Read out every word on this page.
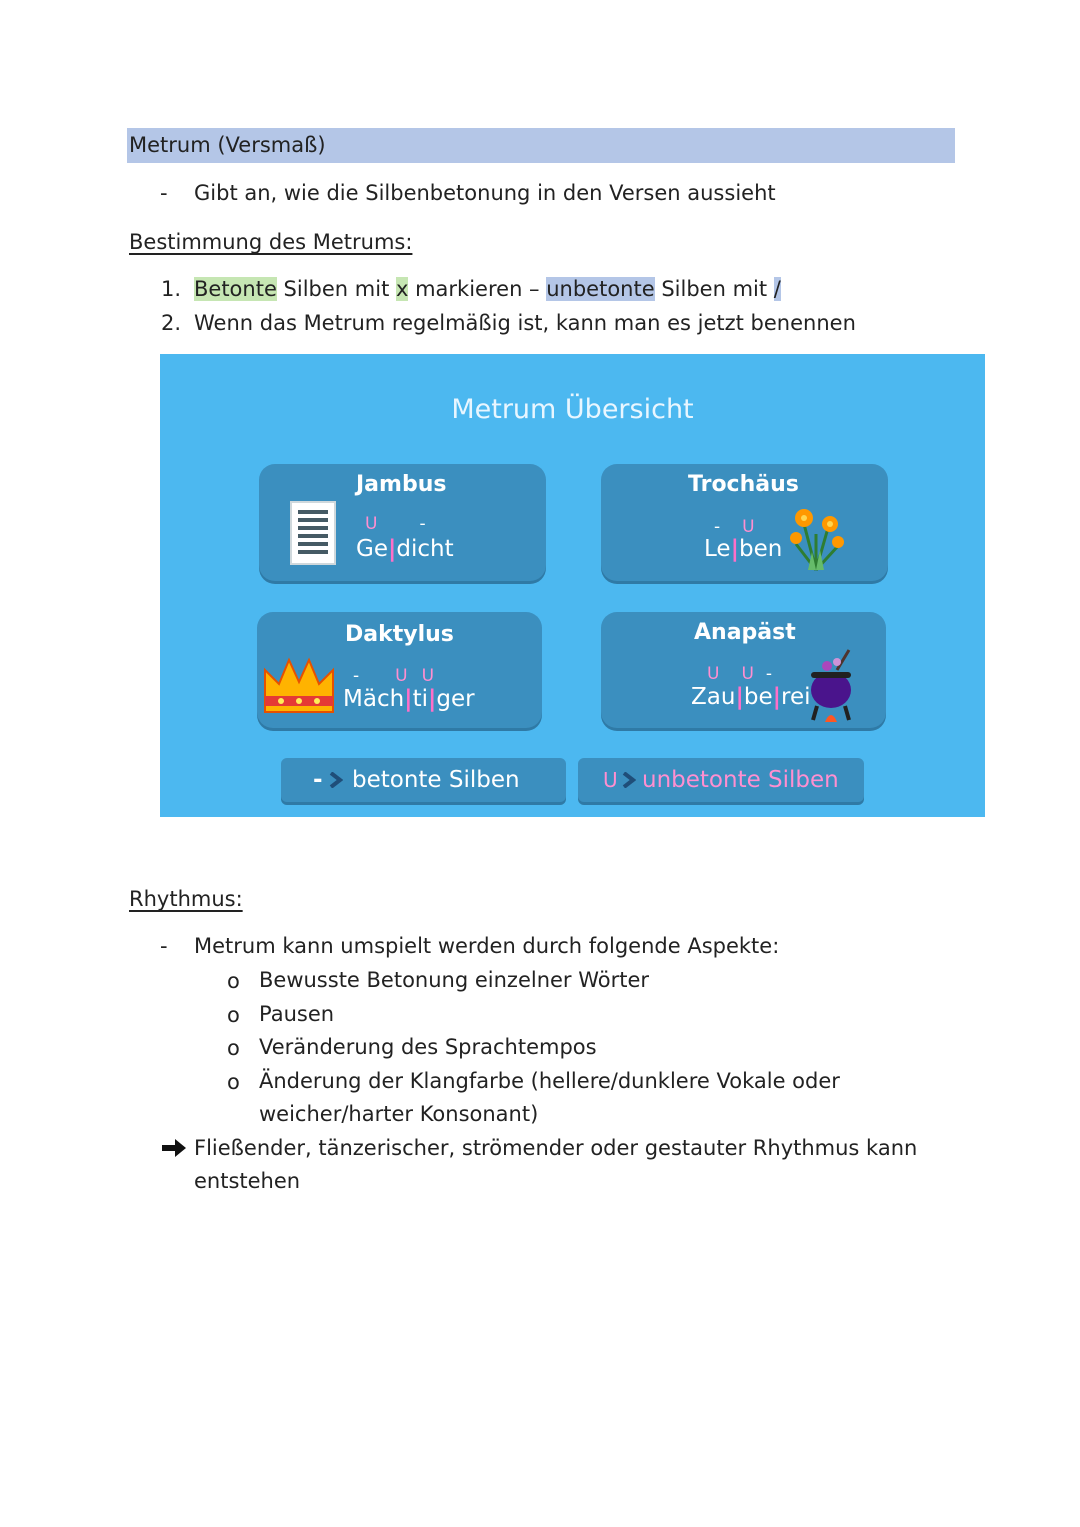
Metrum (Versmaß)
- Gibt an, wie die Silbenbetonung in den Versen aussieht
Bestimmung des Metrums:
1. Betonte Silben mit x markieren – unbetonte Silben mit /
2. Wenn das Metrum regelmäßig ist, kann man es jetzt benennen
Metrum Übersicht
Jambus
U -
Ge|dicht
Trochäus
- U
Le|ben
Daktylus
- U U
Mäch|ti|ger
Anapäst
U U -
Zau|be|rei
- betonte Silben	U unbetonte Silben
Rhythmus:
- Metrum kann umspielt werden durch folgende Aspekte:
o Bewusste Betonung einzelner Wörter
o Pausen
o Veränderung des Sprachtempos
o Änderung der Klangfarbe (hellere/dunklere Vokale oder
weicher/harter Konsonant)
Fließender, tänzerischer, strömender oder gestauter Rhythmus kann
entstehen
